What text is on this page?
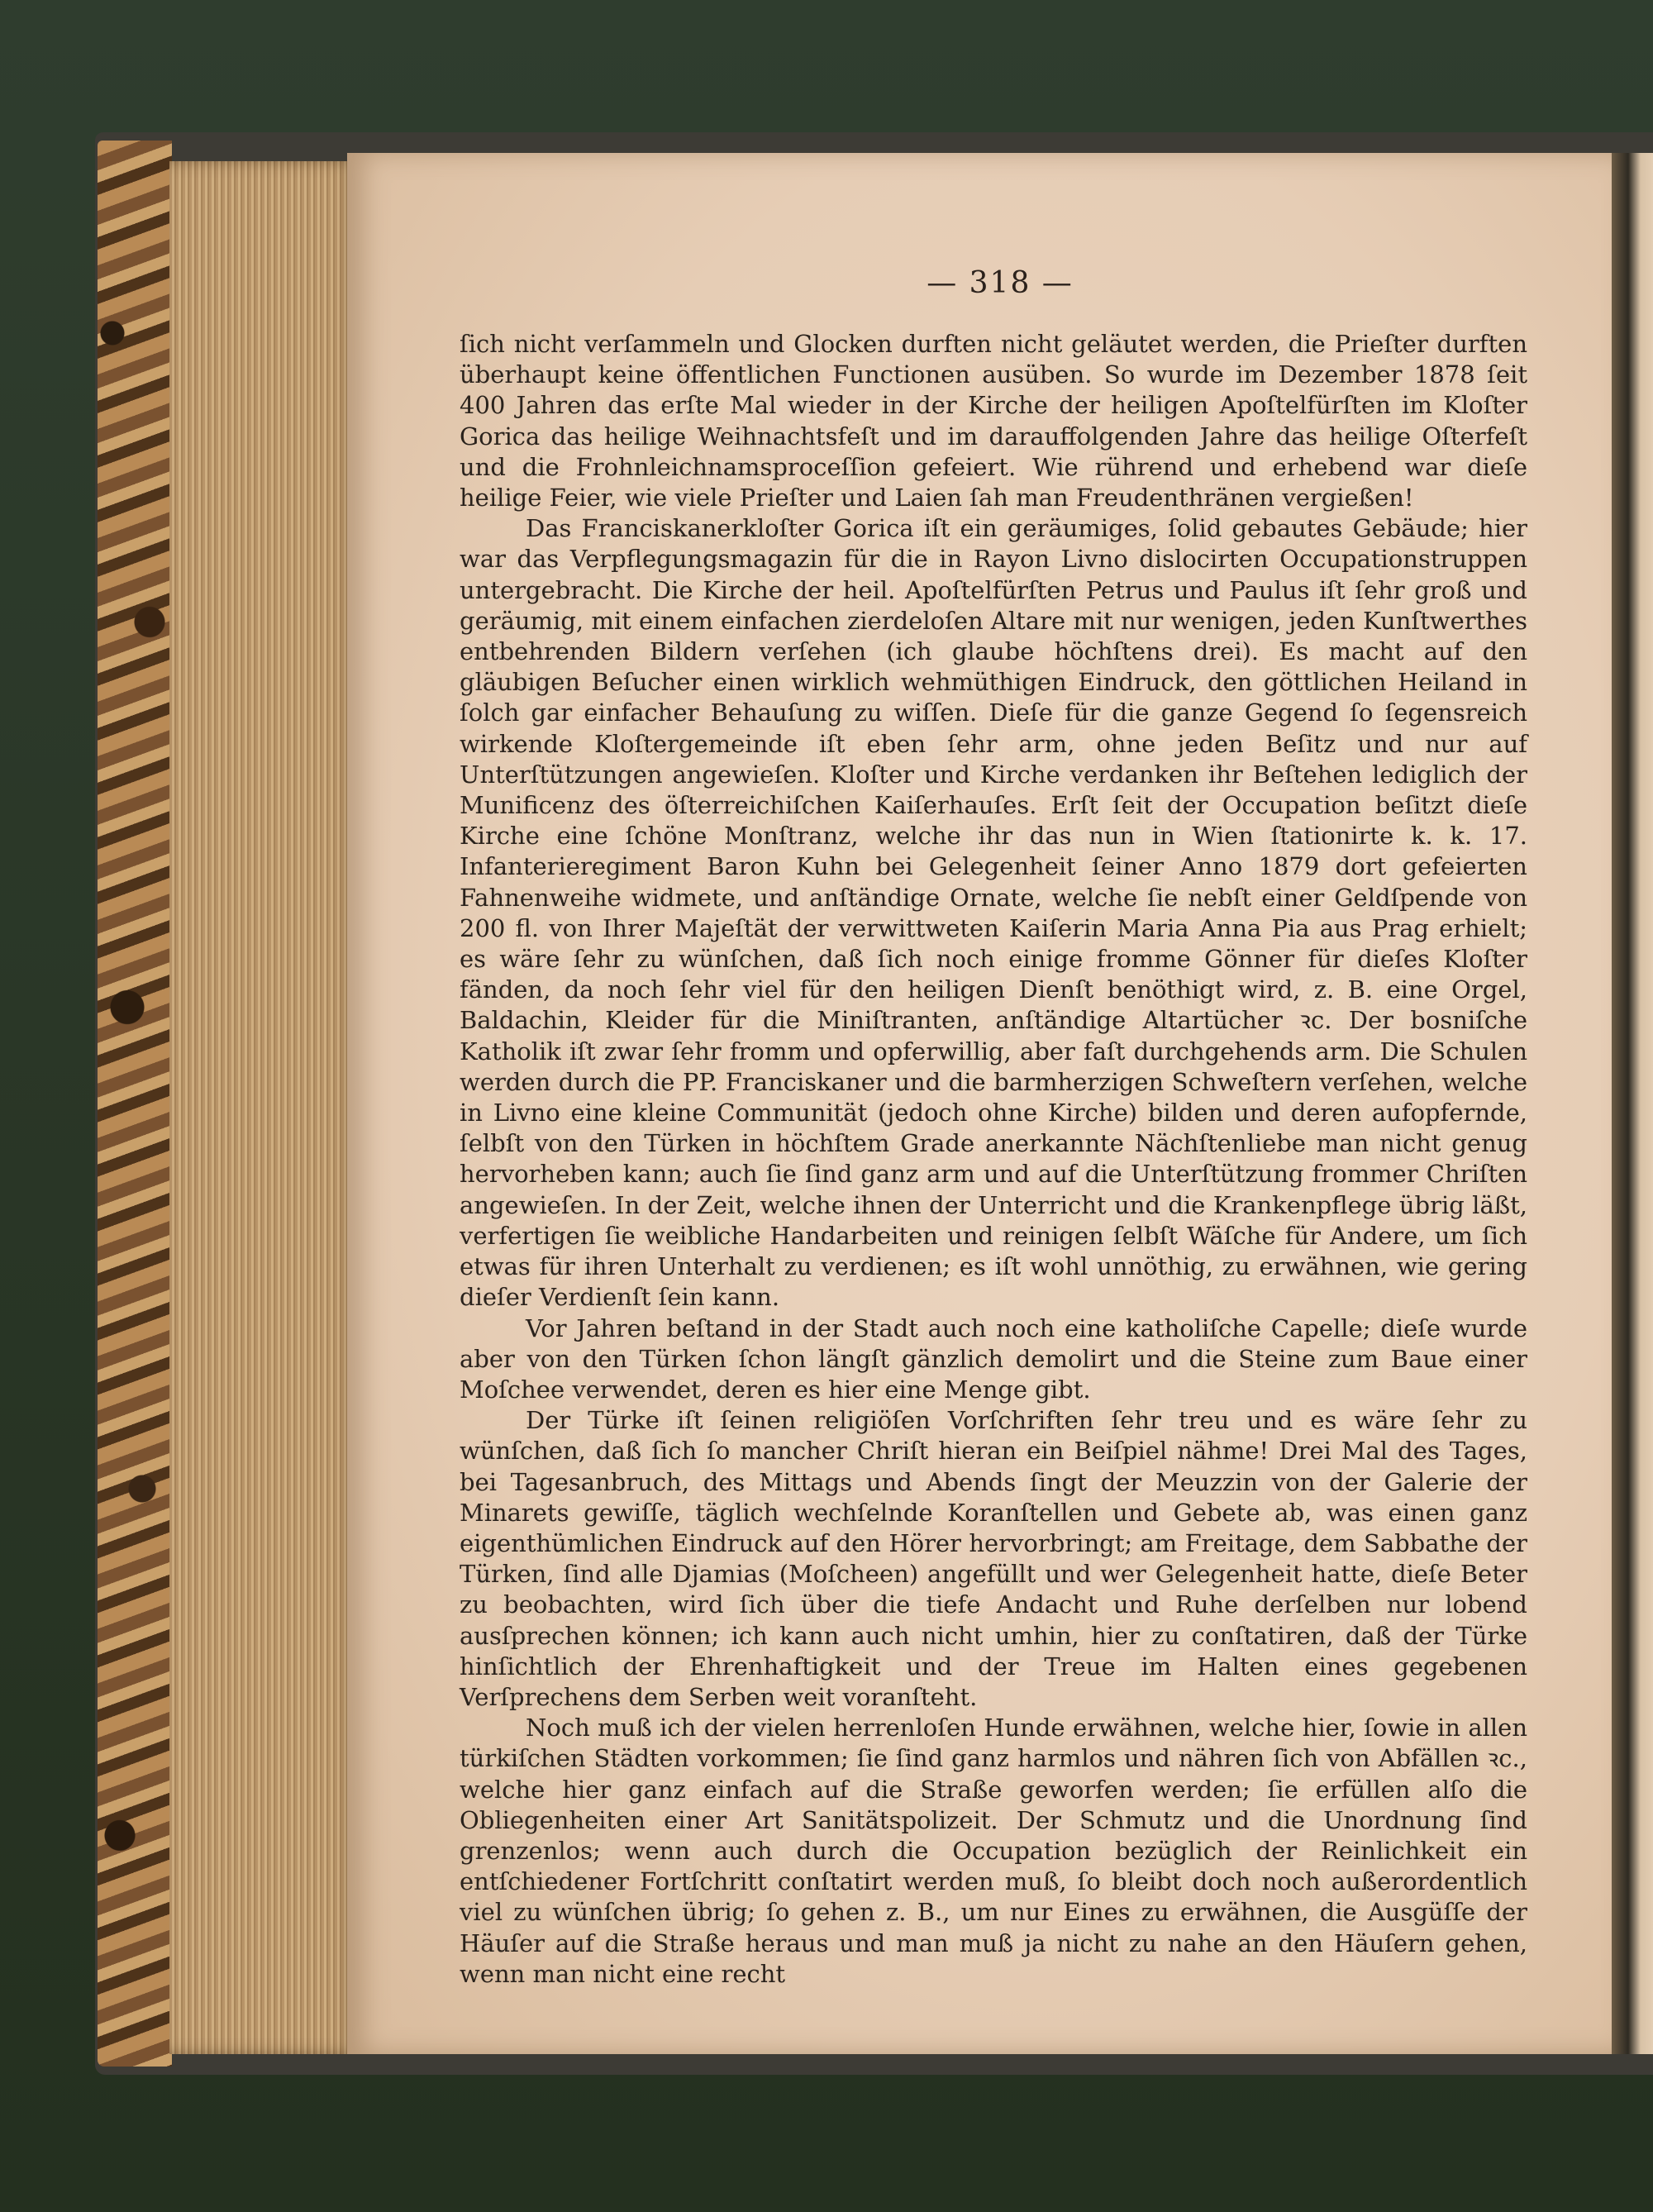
— 318 —

ſich nicht verſammeln und Glocken durften nicht geläutet werden, die Prieſter durften überhaupt keine öffentlichen Functionen ausüben. So wurde im Dezember 1878 ſeit 400 Jahren das erſte Mal wieder in der Kirche der heiligen Apoſtelfürſten im Kloſter Gorica das heilige Weihnachtsfeſt und im darauffolgenden Jahre das heilige Oſterfeſt und die Frohnleichnamsproceſſion gefeiert. Wie rührend und erhebend war dieſe heilige Feier, wie viele Prieſter und Laien ſah man Freudenthränen vergießen!

Das Franciskanerkloſter Gorica iſt ein geräumiges, ſolid gebautes Gebäude; hier war das Verpflegungsmagazin für die in Rayon Livno dislocirten Occupationstruppen untergebracht. Die Kirche der heil. Apoſtelfürſten Petrus und Paulus iſt ſehr groß und geräumig, mit einem einfachen zierdeloſen Altare mit nur wenigen, jeden Kunſtwerthes entbehrenden Bildern verſehen (ich glaube höchſtens drei). Es macht auf den gläubigen Beſucher einen wirklich wehmüthigen Eindruck, den göttlichen Heiland in ſolch gar einfacher Behauſung zu wiſſen. Dieſe für die ganze Gegend ſo ſegensreich wirkende Kloſtergemeinde iſt eben ſehr arm, ohne jeden Beſitz und nur auf Unterſtützungen angewieſen. Kloſter und Kirche verdanken ihr Beſtehen lediglich der Munificenz des öſterreichiſchen Kaiſerhauſes. Erſt ſeit der Occupation beſitzt dieſe Kirche eine ſchöne Monſtranz, welche ihr das nun in Wien ſtationirte k. k. 17. Infanterieregiment Baron Kuhn bei Gelegenheit ſeiner Anno 1879 dort gefeierten Fahnenweihe widmete, und anſtändige Ornate, welche ſie nebſt einer Geldſpende von 200 fl. von Ihrer Majeſtät der verwittweten Kaiſerin Maria Anna Pia aus Prag erhielt; es wäre ſehr zu wünſchen, daß ſich noch einige fromme Gönner für dieſes Kloſter fänden, da noch ſehr viel für den heiligen Dienſt benöthigt wird, z. B. eine Orgel, Baldachin, Kleider für die Miniſtranten, anſtändige Altartücher ꝛc. Der bosniſche Katholik iſt zwar ſehr fromm und opferwillig, aber faſt durchgehends arm. Die Schulen werden durch die PP. Franciskaner und die barmherzigen Schweſtern verſehen, welche in Livno eine kleine Communität (jedoch ohne Kirche) bilden und deren aufopfernde, ſelbſt von den Türken in höchſtem Grade anerkannte Nächſtenliebe man nicht genug hervorheben kann; auch ſie ſind ganz arm und auf die Unterſtützung frommer Chriſten angewieſen. In der Zeit, welche ihnen der Unterricht und die Krankenpflege übrig läßt, verfertigen ſie weibliche Handarbeiten und reinigen ſelbſt Wäſche für Andere, um ſich etwas für ihren Unterhalt zu verdienen; es iſt wohl unnöthig, zu erwähnen, wie gering dieſer Verdienſt ſein kann.

Vor Jahren beſtand in der Stadt auch noch eine katholiſche Capelle; dieſe wurde aber von den Türken ſchon längſt gänzlich demolirt und die Steine zum Baue einer Moſchee verwendet, deren es hier eine Menge gibt.

Der Türke iſt ſeinen religiöſen Vorſchriften ſehr treu und es wäre ſehr zu wünſchen, daß ſich ſo mancher Chriſt hieran ein Beiſpiel nähme! Drei Mal des Tages, bei Tagesanbruch, des Mittags und Abends ſingt der Meuzzin von der Galerie der Minarets gewiſſe, täglich wechſelnde Koranſtellen und Gebete ab, was einen ganz eigenthümlichen Eindruck auf den Hörer hervorbringt; am Freitage, dem Sabbathe der Türken, ſind alle Djamias (Moſcheen) angefüllt und wer Gelegenheit hatte, dieſe Beter zu beobachten, wird ſich über die tiefe Andacht und Ruhe derſelben nur lobend ausſprechen können; ich kann auch nicht umhin, hier zu conſtatiren, daß der Türke hinſichtlich der Ehrenhaftigkeit und der Treue im Halten eines gegebenen Verſprechens dem Serben weit voranſteht.

Noch muß ich der vielen herrenloſen Hunde erwähnen, welche hier, ſowie in allen türkiſchen Städten vorkommen; ſie ſind ganz harmlos und nähren ſich von Abfällen ꝛc., welche hier ganz einfach auf die Straße geworfen werden; ſie erfüllen alſo die Obliegenheiten einer Art Sanitätspolizeit. Der Schmutz und die Unordnung ſind grenzenlos; wenn auch durch die Occupation bezüglich der Reinlichkeit ein entſchiedener Fortſchritt conſtatirt werden muß, ſo bleibt doch noch außerordentlich viel zu wünſchen übrig; ſo gehen z. B., um nur Eines zu erwähnen, die Ausgüſſe der Häuſer auf die Straße heraus und man muß ja nicht zu nahe an den Häuſern gehen, wenn man nicht eine recht
